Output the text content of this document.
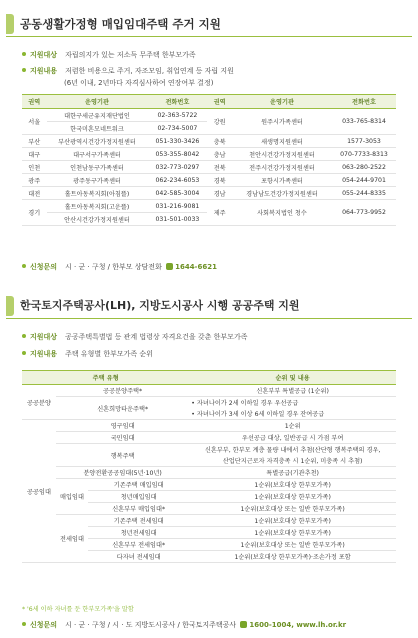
공동생활가정형 매입임대주택 주거 지원
지원대상 자립의지가 있는 저소득 무주택 한부모가족
지원내용 저렴한 비용으로 주거, 자조모임, 취업연계 등 자립 지원
(6년 이내, 2년마다 자격심사하여 연장여부 결정)
권역	운영기관	전화번호	권역	운영기관	전화번호
서울	대한구세군유지재단법인	02-363-5722	강원	원주시가족센터	033-765-8314
	한국미혼모네트워크	02-734-5007			
부산	부산광역시건강가정지원센터	051-330-3426	충북	새생명지원센터	1577-3053
대구	대구서구가족센터	053-355-8042	충남	천안시건강가정지원센터	070-7733-8313
인천	인천남동구가족센터	032-773-0297	전북	전주시건강가정지원센터	063-280-2522
광주	광주동구가족센터	062-234-6053	경북	포항시가족센터	054-244-9701
대전	홀트아동복지회(아침뜰)	042-585-3004	경남	경남남도건강가정지원센터	055-244-8335
경기	홀트아동복지회(고운뜰)	031-216-9081	제주	사회복지법인 청수	064-773-9952
	안산시건강가정지원센터	031-501-0033			
신청문의 시 · 군 · 구청 / 한부모 상담전화 1644-6621
한국토지주택공사(LH), 지방도시공사 시행 공공주택 지원
지원대상 공공주택특별법 등 관계 법령상 자격요건을 갖춘 한부모가족
지원내용 주택 유형별 한부모가족 순위
주택 유형			순위 및 내용
공공분양	공공분양주택*		신혼부부 특별공급 (1순위)
	신혼희망타운주택*		• 자녀나이가 2세 이하일 경우 우선공급
			• 자녀나이가 3세 이상 6세 이하일 경우 잔여공급
공공임대	영구임대		1순위
	국민임대		우선공급 대상, 일반공급 시 가점 부여
	행복주택		신혼부부, 한부모 계층 물량 내에서 추첨(산단형 행복주택의 경우,
			산업단지근로자 자격충족 시 1순위, 미충족 시 추첨)
	분양전환공공임대(5년·10년)		특별공급(기관추천)
	매입임대	기존주택 매입임대	1순위(보호대상 한부모가족)
		청년매입임대	1순위(보호대상 한부모가족)
		신혼부부 매입임대*	1순위(보호대상 또는 일반 한부모가족)
	전세임대	기존주택 전세임대	1순위(보호대상 한부모가족)
		청년전세임대	1순위(보호대상 한부모가족)
		신혼부부 전세임대*	1순위(보호대상 또는 일반 한부모가족)
		다자녀 전세임대	1순위(보호대상 한부모가족)·조손가정 포함
* '6세 이하 자녀를 둔 한부모가족'을 말함
신청문의 시 · 군 · 구청 / 시 · 도 지방도시공사 / 한국토지주택공사 1600-1004, www.lh.or.kr
